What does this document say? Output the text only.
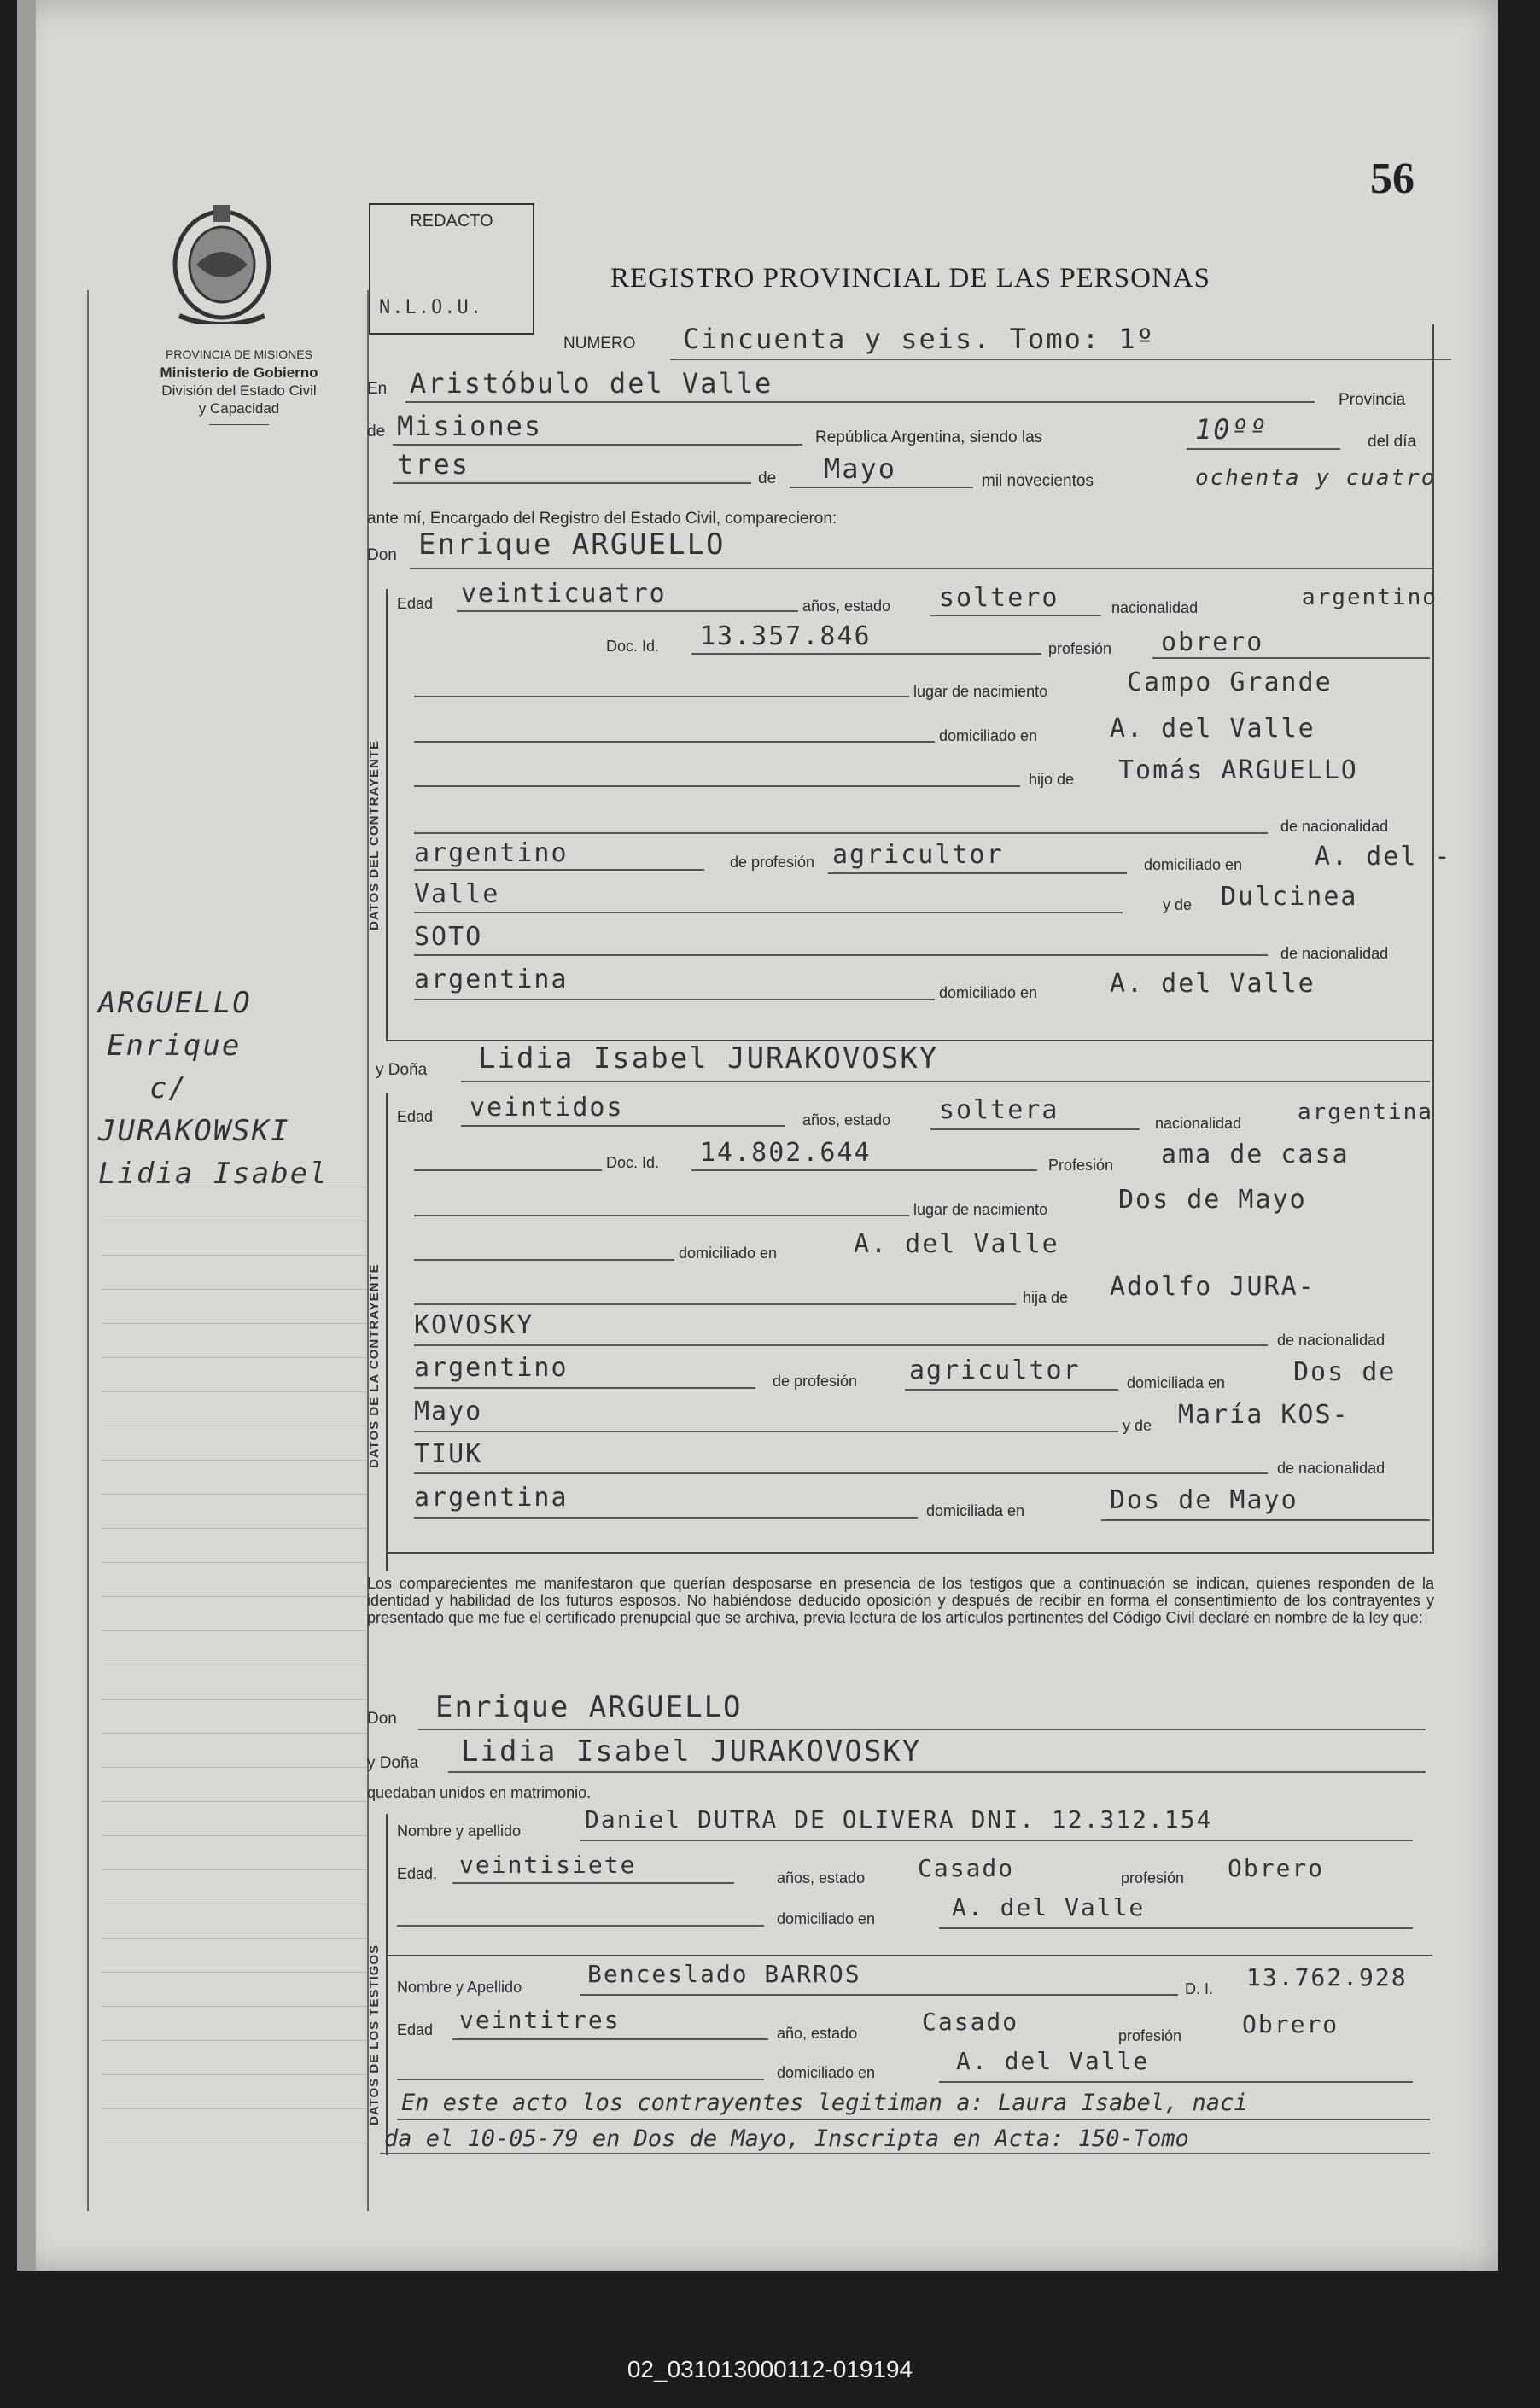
56
PROVINCIA DE MISIONES
Ministerio de Gobierno
División del Estado Civil
y Capacidad
ARGUELLO
Enrique
c/
JURAKOWSKI
Lidia Isabel
REDACTO
N.L.O.U.
REGISTRO PROVINCIAL DE LAS PERSONAS
NUMERO Cincuenta y seis. Tomo: 1º
En Aristóbulo del Valle
Provincia
de Misiones	República Argentina, siendo las	10ºº	del día
tres	de Mayo	mil novecientos	ochenta y cuatro
ante mí, Encargado del Registro del Estado Civil, comparecieron:
Don Enrique ARGUELLO
DATOS DEL CONTRAYENTE
Edad veinticuatro	años, estado soltero	nacionalidad	argentino
Doc. Id. 13.357.846	profesión obrero
lugar de nacimiento	Campo Grande
domiciliado en	A. del Valle
hijo de Tomás ARGUELLO
de nacionalidad
argentino	de profesión agricultor	domiciliado en	A. del -
Valle	y de Dulcinea
SOTO
de nacionalidad
argentina	domiciliado en	A. del Valle
y Doña Lidia Isabel JURAKOVOSKY
DATOS DE LA CONTRAYENTE
Edad veintidos	años, estado soltera	nacionalidad	argentina
Doc. Id. 14.802.644	Profesión ama de casa
lugar de nacimiento	Dos de Mayo
domiciliado en	A. del Valle
hija de Adolfo JURA-
KOVOSKY	de nacionalidad
argentino	de profesión agricultor	domiciliada en	Dos de
Mayo	y de María KOS-
TIUK	de nacionalidad
argentina	domiciliada en	Dos de Mayo
Los comparecientes me manifestaron que querían desposarse en presencia de los testigos que a continuación se indican, quienes responden de la identidad y habilidad de los futuros esposos. No habiéndose deducido oposición y después de recibir en forma el consentimiento de los contrayentes y presentado que me fue el certificado prenupcial que se archiva, previa lectura de los artículos pertinentes del Código Civil declaré en nombre de la ley que:
Don Enrique ARGUELLO
y Doña Lidia Isabel JURAKOVOSKY
quedaban unidos en matrimonio.
DATOS DE LOS TESTIGOS
Nombre y apellido	Daniel DUTRA DE OLIVERA DNI. 12.312.154
Edad, veintisiete	años, estado Casado	profesión Obrero
domiciliado en	A. del Valle
Nombre y Apellido	Benceslado BARROS
D. I. 13.762.928
Edad veintitres	año, estado	Casado	profesión	Obrero
domiciliado en	A. del Valle
En este acto los contrayentes legitiman a: Laura Isabel, naci
da el 10-05-79 en Dos de Mayo, Inscripta en Acta: 150-Tomo
02_031013000112-019194
